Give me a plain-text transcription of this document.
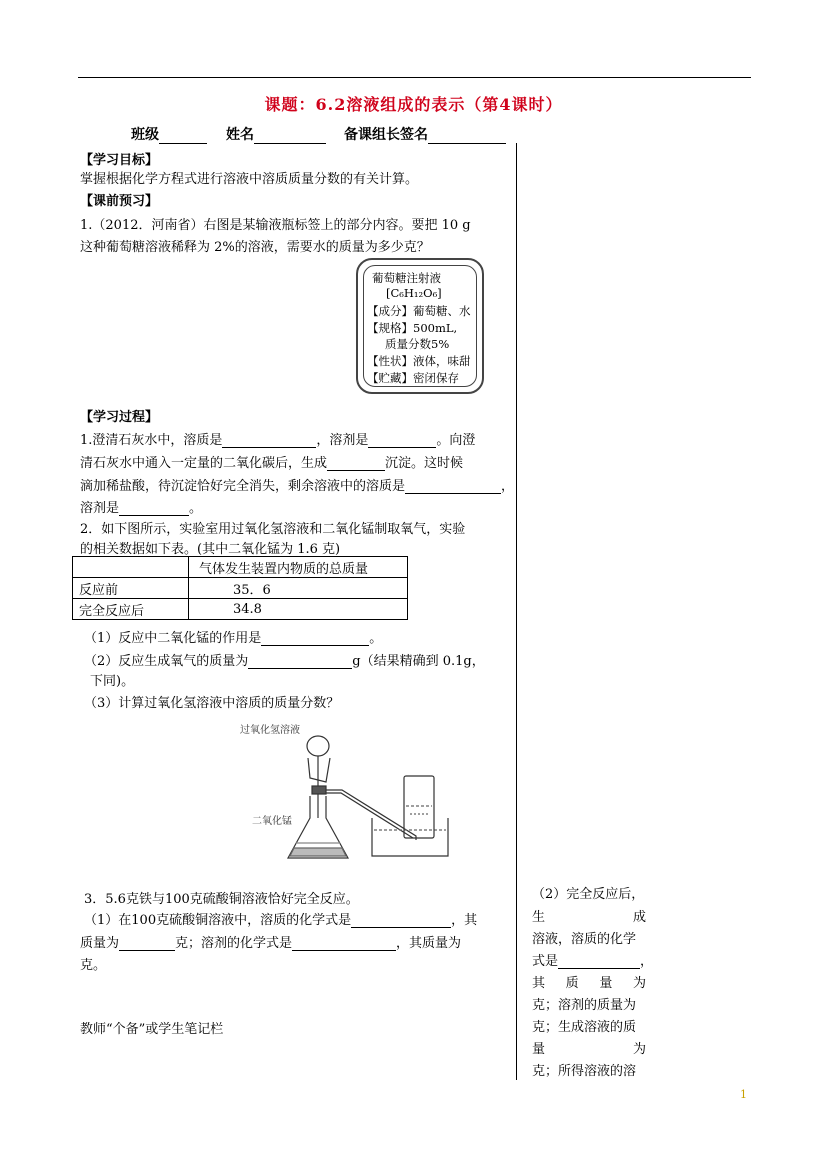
课题：6.2溶液组成的表示（第4课时）
班级	姓名	备课组长签名
【学习目标】
掌握根据化学方程式进行溶液中溶质质量分数的有关计算。
【课前预习】
1.（2012．河南省）右图是某输液瓶标签上的部分内容。要把 10 g
这种葡萄糖溶液稀释为 2%的溶液，需要水的质量为多少克？
葡萄糖注射液
[C₆H₁₂O₆]
【成分】葡萄糖、水
【规格】500mL,
质量分数5%
【性状】液体，味甜
【贮藏】密闭保存
【学习过程】
1.澄清石灰水中，溶质是	，溶剂是	。向澄
清石灰水中通入一定量的二氧化碳后，生成	沉淀。这时候
滴加稀盐酸，待沉淀恰好完全消失，剩余溶液中的溶质是	，
溶剂是	。
2．如下图所示，实验室用过氧化氢溶液和二氧化锰制取氧气，实验
的相关数据如下表。(其中二氧化锰为 1.6 克)
	气体发生装置内物质的总质量
反应前	35．6
完全反应后	34.8
（1）反应中二氧化锰的作用是	。
（2）反应生成氧气的质量为	g（结果精确到 0.1g，
下同)。
（3）计算过氧化氢溶液中溶质的质量分数？
过氧化氢溶液
二氧化锰
3．5.6克铁与100克硫酸铜溶液恰好完全反应。
（1）在100克硫酸铜溶液中，溶质的化学式是	，其
质量为	克；溶剂的化学式是	，其质量为
克。
教师“个备”或学生笔记栏
（2）完全反应后，
生	成
溶液，溶质的化学
式是	，
其 质 量 为
克；溶剂的质量为
克；生成溶液的质
量	为
克；所得溶液的溶
1
